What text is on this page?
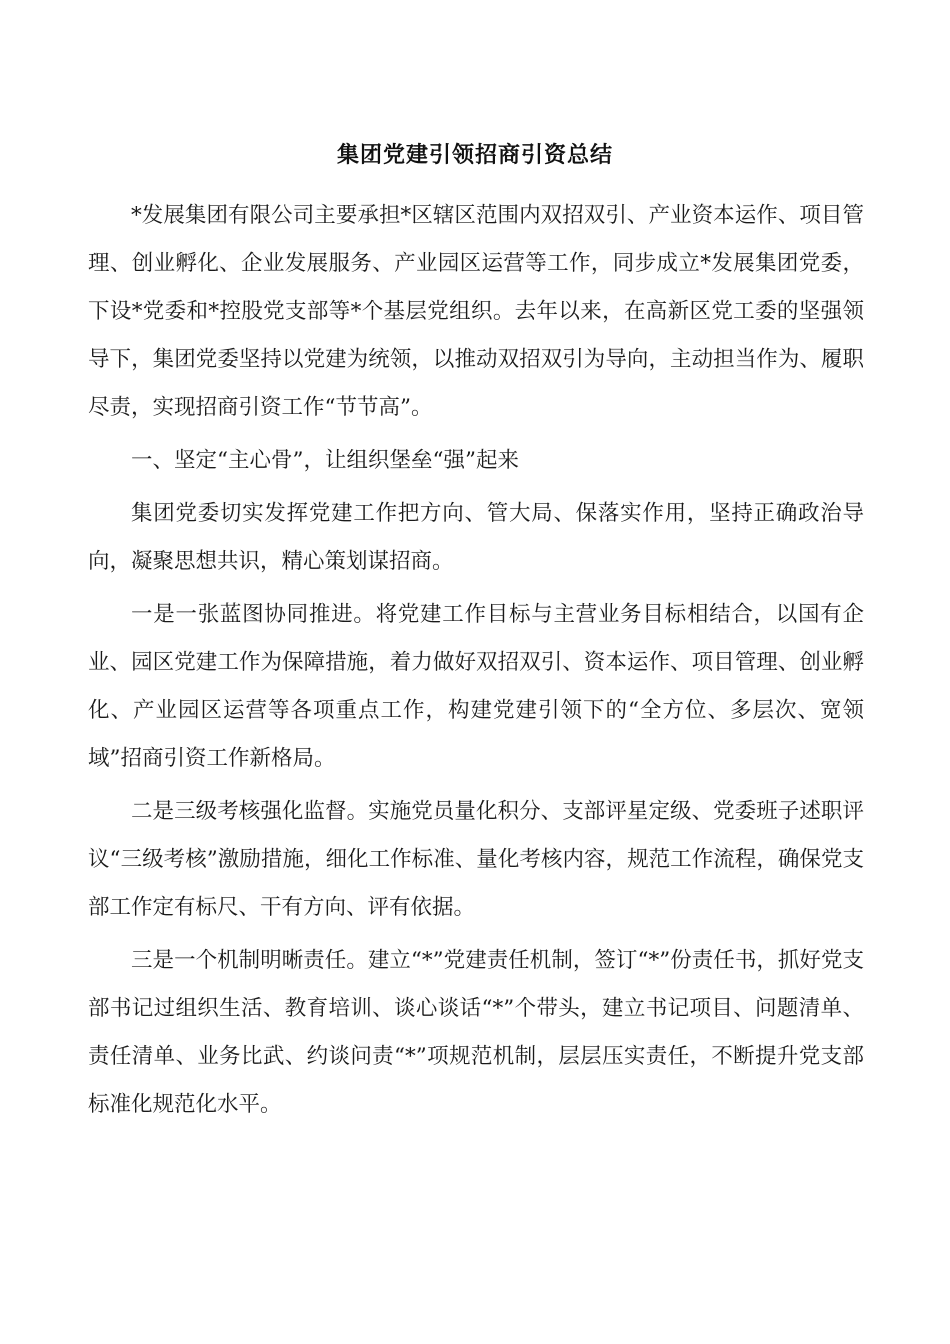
集团党建引领招商引资总结

*发展集团有限公司主要承担*区辖区范围内双招双引、产业资本运作、项目管理、创业孵化、企业发展服务、产业园区运营等工作，同步成立*发展集团党委，下设*党委和*控股党支部等*个基层党组织。去年以来，在高新区党工委的坚强领导下，集团党委坚持以党建为统领，以推动双招双引为导向，主动担当作为、履职尽责，实现招商引资工作“节节高”。

一、坚定“主心骨”，让组织堡垒“强”起来

集团党委切实发挥党建工作把方向、管大局、保落实作用，坚持正确政治导向，凝聚思想共识，精心策划谋招商。

一是一张蓝图协同推进。将党建工作目标与主营业务目标相结合，以国有企业、园区党建工作为保障措施，着力做好双招双引、资本运作、项目管理、创业孵化、产业园区运营等各项重点工作，构建党建引领下的“全方位、多层次、宽领域”招商引资工作新格局。

二是三级考核强化监督。实施党员量化积分、支部评星定级、党委班子述职评议“三级考核”激励措施，细化工作标准、量化考核内容，规范工作流程，确保党支部工作定有标尺、干有方向、评有依据。

三是一个机制明晰责任。建立“*”党建责任机制，签订“*”份责任书，抓好党支部书记过组织生活、教育培训、谈心谈话“*”个带头，建立书记项目、问题清单、责任清单、业务比武、约谈问责“*”项规范机制，层层压实责任，不断提升党支部标准化规范化水平。
